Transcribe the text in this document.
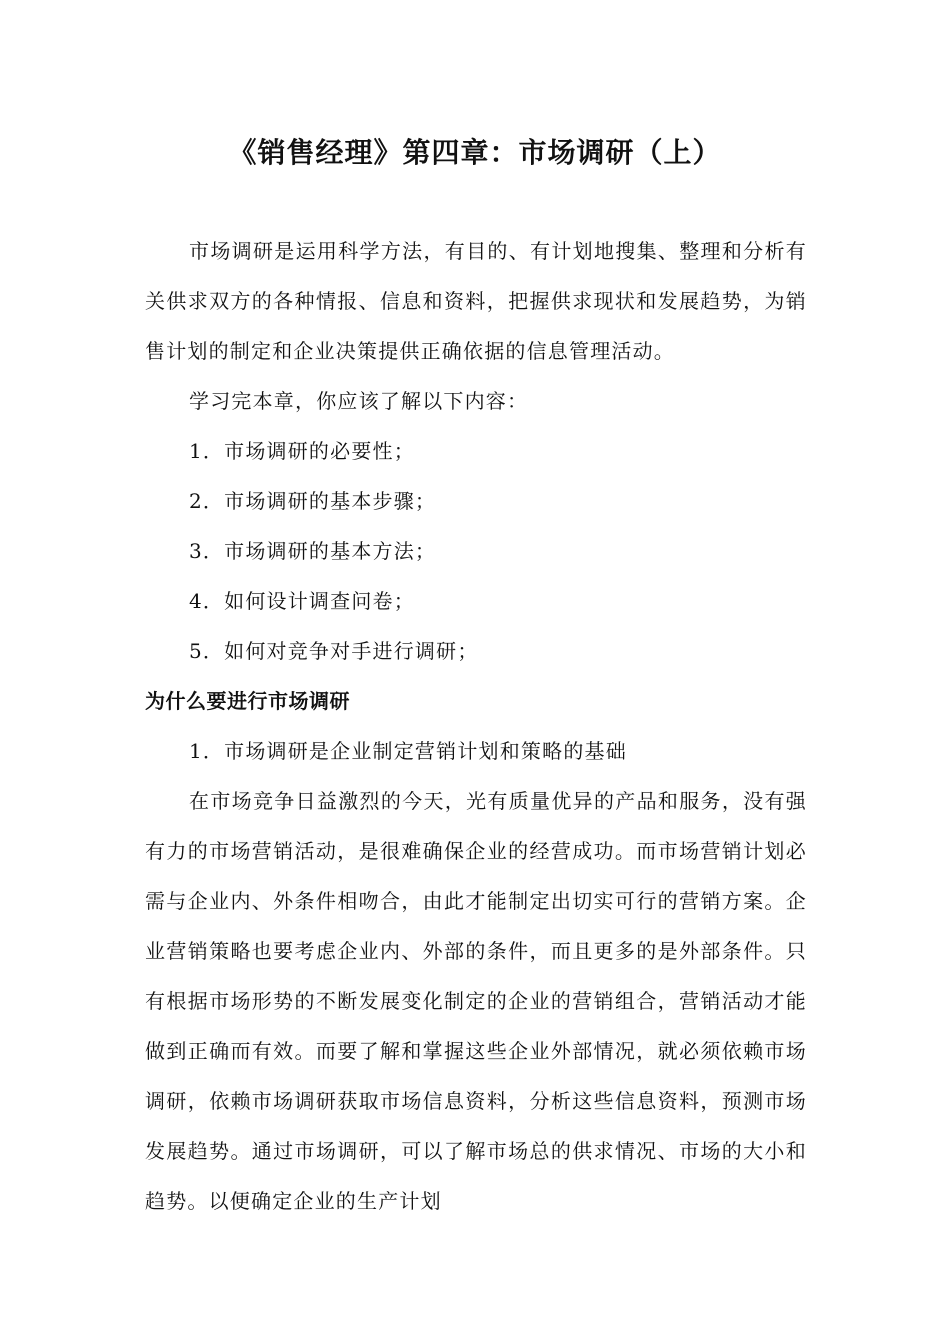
《销售经理》第四章：市场调研（上）

市场调研是运用科学方法，有目的、有计划地搜集、整理和分析有关供求双方的各种情报、信息和资料，把握供求现状和发展趋势，为销售计划的制定和企业决策提供正确依据的信息管理活动。

学习完本章，你应该了解以下内容：

1．市场调研的必要性；

2．市场调研的基本步骤；

3．市场调研的基本方法；

4．如何设计调查问卷；

5．如何对竞争对手进行调研；

为什么要进行市场调研

1．市场调研是企业制定营销计划和策略的基础

在市场竞争日益激烈的今天，光有质量优异的产品和服务，没有强有力的市场营销活动，是很难确保企业的经营成功。而市场营销计划必需与企业内、外条件相吻合，由此才能制定出切实可行的营销方案。企业营销策略也要考虑企业内、外部的条件，而且更多的是外部条件。只有根据市场形势的不断发展变化制定的企业的营销组合，营销活动才能做到正确而有效。而要了解和掌握这些企业外部情况，就必须依赖市场调研，依赖市场调研获取市场信息资料，分析这些信息资料，预测市场发展趋势。通过市场调研，可以了解市场总的供求情况、市场的大小和趋势。以便确定企业的生产计划
